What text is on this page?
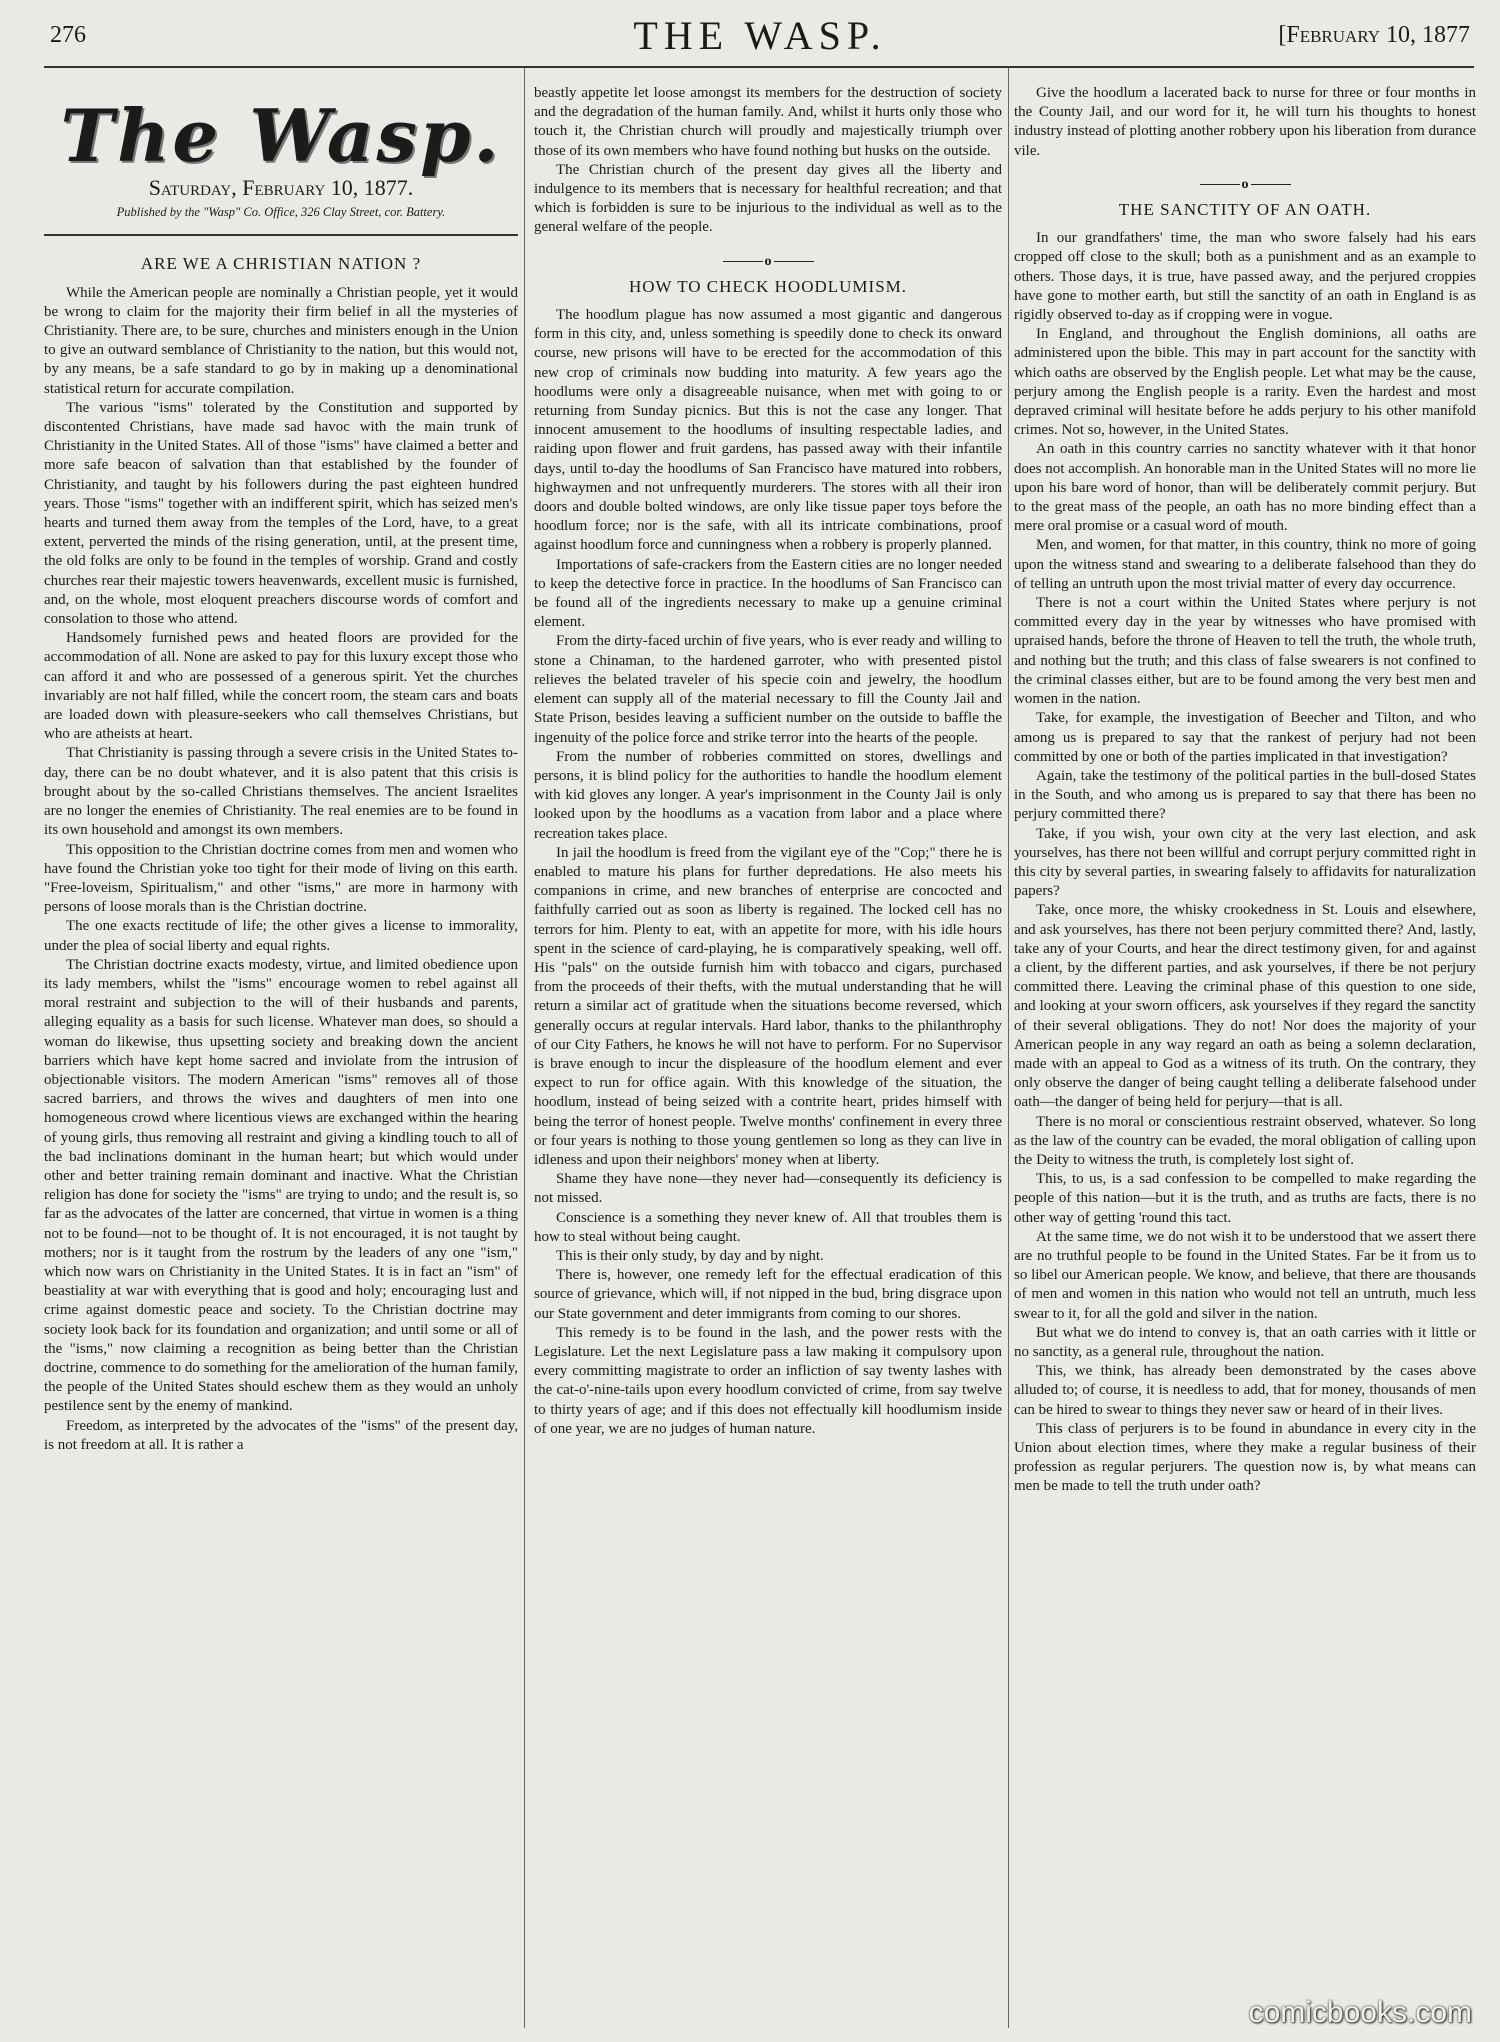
276	THE WASP.	[February 10, 1877
The Wasp.
Saturday, February 10, 1877.
Published by the "Wasp" Co. Office, 326 Clay Street, cor. Battery.
ARE WE A CHRISTIAN NATION ?

While the American people are nominally a Christian people, yet it would be wrong to claim for the majority their firm belief in all the mysteries of Christianity. There are, to be sure, churches and ministers enough in the Union to give an outward semblance of Christianity to the nation, but this would not, by any means, be a safe standard to go by in making up a denominational statistical return for accurate compilation.

The various "isms" tolerated by the Constitution and supported by discontented Christians, have made sad havoc with the main trunk of Christianity in the United States. All of those "isms" have claimed a better and more safe beacon of salvation than that established by the founder of Christianity, and taught by his followers during the past eighteen hundred years. Those "isms" together with an indifferent spirit, which has seized men's hearts and turned them away from the temples of the Lord, have, to a great extent, perverted the minds of the rising generation, until, at the present time, the old folks are only to be found in the temples of worship. Grand and costly churches rear their majestic towers heavenwards, excellent music is furnished, and, on the whole, most eloquent preachers discourse words of comfort and consolation to those who attend.

Handsomely furnished pews and heated floors are provided for the accommodation of all. None are asked to pay for this luxury except those who can afford it and who are possessed of a generous spirit. Yet the churches invariably are not half filled, while the concert room, the steam cars and boats are loaded down with pleasure-seekers who call themselves Christians, but who are atheists at heart.

That Christianity is passing through a severe crisis in the United States to-day, there can be no doubt whatever, and it is also patent that this crisis is brought about by the so-called Christians themselves. The ancient Israelites are no longer the enemies of Christianity. The real enemies are to be found in its own household and amongst its own members.

This opposition to the Christian doctrine comes from men and women who have found the Christian yoke too tight for their mode of living on this earth. "Free-loveism, Spiritualism," and other "isms," are more in harmony with persons of loose morals than is the Christian doctrine.

The one exacts rectitude of life; the other gives a license to immorality, under the plea of social liberty and equal rights.

The Christian doctrine exacts modesty, virtue, and limited obedience upon its lady members, whilst the "isms" encourage women to rebel against all moral restraint and subjection to the will of their husbands and parents, alleging equality as a basis for such license. Whatever man does, so should a woman do likewise, thus upsetting society and breaking down the ancient barriers which have kept home sacred and inviolate from the intrusion of objectionable visitors. The modern American "isms" removes all of those sacred barriers, and throws the wives and daughters of men into one homogeneous crowd where licentious views are exchanged within the hearing of young girls, thus removing all restraint and giving a kindling touch to all of the bad inclinations dominant in the human heart; but which would under other and better training remain dominant and inactive. What the Christian religion has done for society the "isms" are trying to undo; and the result is, so far as the advocates of the latter are concerned, that virtue in women is a thing not to be found—not to be thought of. It is not encouraged, it is not taught by mothers; nor is it taught from the rostrum by the leaders of any one "ism," which now wars on Christianity in the United States. It is in fact an "ism" of beastiality at war with everything that is good and holy; encouraging lust and crime against domestic peace and society. To the Christian doctrine may society look back for its foundation and organization; and until some or all of the "isms," now claiming a recognition as being better than the Christian doctrine, commence to do something for the amelioration of the human family, the people of the United States should eschew them as they would an unholy pestilence sent by the enemy of mankind.

Freedom, as interpreted by the advocates of the "isms" of the present day, is not freedom at all. It is rather a

beastly appetite let loose amongst its members for the destruction of society and the degradation of the human family. And, whilst it hurts only those who touch it, the Christian church will proudly and majestically triumph over those of its own members who have found nothing but husks on the outside.

The Christian church of the present day gives all the liberty and indulgence to its members that is necessary for healthful recreation; and that which is forbidden is sure to be injurious to the individual as well as to the general welfare of the people.

o
HOW TO CHECK HOODLUMISM.

The hoodlum plague has now assumed a most gigantic and dangerous form in this city, and, unless something is speedily done to check its onward course, new prisons will have to be erected for the accommodation of this new crop of criminals now budding into maturity. A few years ago the hoodlums were only a disagreeable nuisance, when met with going to or returning from Sunday picnics. But this is not the case any longer. That innocent amusement to the hoodlums of insulting respectable ladies, and raiding upon flower and fruit gardens, has passed away with their infantile days, until to-day the hoodlums of San Francisco have matured into robbers, highwaymen and not unfrequently murderers. The stores with all their iron doors and double bolted windows, are only like tissue paper toys before the hoodlum force; nor is the safe, with all its intricate combinations, proof against hoodlum force and cunningness when a robbery is properly planned.

Importations of safe-crackers from the Eastern cities are no longer needed to keep the detective force in practice. In the hoodlums of San Francisco can be found all of the ingredients necessary to make up a genuine criminal element.

From the dirty-faced urchin of five years, who is ever ready and willing to stone a Chinaman, to the hardened garroter, who with presented pistol relieves the belated traveler of his specie coin and jewelry, the hoodlum element can supply all of the material necessary to fill the County Jail and State Prison, besides leaving a sufficient number on the outside to baffle the ingenuity of the police force and strike terror into the hearts of the people.

From the number of robberies committed on stores, dwellings and persons, it is blind policy for the authorities to handle the hoodlum element with kid gloves any longer. A year's imprisonment in the County Jail is only looked upon by the hoodlums as a vacation from labor and a place where recreation takes place.

In jail the hoodlum is freed from the vigilant eye of the "Cop;" there he is enabled to mature his plans for further depredations. He also meets his companions in crime, and new branches of enterprise are concocted and faithfully carried out as soon as liberty is regained. The locked cell has no terrors for him. Plenty to eat, with an appetite for more, with his idle hours spent in the science of card-playing, he is comparatively speaking, well off. His "pals" on the outside furnish him with tobacco and cigars, purchased from the proceeds of their thefts, with the mutual understanding that he will return a similar act of gratitude when the situations become reversed, which generally occurs at regular intervals. Hard labor, thanks to the philanthrophy of our City Fathers, he knows he will not have to perform. For no Supervisor is brave enough to incur the displeasure of the hoodlum element and ever expect to run for office again. With this knowledge of the situation, the hoodlum, instead of being seized with a contrite heart, prides himself with being the terror of honest people. Twelve months' confinement in every three or four years is nothing to those young gentlemen so long as they can live in idleness and upon their neighbors' money when at liberty.

Shame they have none—they never had—consequently its deficiency is not missed.

Conscience is a something they never knew of. All that troubles them is how to steal without being caught.

This is their only study, by day and by night.

There is, however, one remedy left for the effectual eradication of this source of grievance, which will, if not nipped in the bud, bring disgrace upon our State government and deter immigrants from coming to our shores.

This remedy is to be found in the lash, and the power rests with the Legislature. Let the next Legislature pass a law making it compulsory upon every committing magistrate to order an infliction of say twenty lashes with the cat-o'-nine-tails upon every hoodlum convicted of crime, from say twelve to thirty years of age; and if this does not effectually kill hoodlumism inside of one year, we are no judges of human nature.

Give the hoodlum a lacerated back to nurse for three or four months in the County Jail, and our word for it, he will turn his thoughts to honest industry instead of plotting another robbery upon his liberation from durance vile.

o
THE SANCTITY OF AN OATH.

In our grandfathers' time, the man who swore falsely had his ears cropped off close to the skull; both as a punishment and as an example to others. Those days, it is true, have passed away, and the perjured croppies have gone to mother earth, but still the sanctity of an oath in England is as rigidly observed to-day as if cropping were in vogue.

In England, and throughout the English dominions, all oaths are administered upon the bible. This may in part account for the sanctity with which oaths are observed by the English people. Let what may be the cause, perjury among the English people is a rarity. Even the hardest and most depraved criminal will hesitate before he adds perjury to his other manifold crimes. Not so, however, in the United States.

An oath in this country carries no sanctity whatever with it that honor does not accomplish. An honorable man in the United States will no more lie upon his bare word of honor, than will be deliberately commit perjury. But to the great mass of the people, an oath has no more binding effect than a mere oral promise or a casual word of mouth.

Men, and women, for that matter, in this country, think no more of going upon the witness stand and swearing to a deliberate falsehood than they do of telling an untruth upon the most trivial matter of every day occurrence.

There is not a court within the United States where perjury is not committed every day in the year by witnesses who have promised with upraised hands, before the throne of Heaven to tell the truth, the whole truth, and nothing but the truth; and this class of false swearers is not confined to the criminal classes either, but are to be found among the very best men and women in the nation.

Take, for example, the investigation of Beecher and Tilton, and who among us is prepared to say that the rankest of perjury had not been committed by one or both of the parties implicated in that investigation?

Again, take the testimony of the political parties in the bull-dosed States in the South, and who among us is prepared to say that there has been no perjury committed there?

Take, if you wish, your own city at the very last election, and ask yourselves, has there not been willful and corrupt perjury committed right in this city by several parties, in swearing falsely to affidavits for naturalization papers?

Take, once more, the whisky crookedness in St. Louis and elsewhere, and ask yourselves, has there not been perjury committed there? And, lastly, take any of your Courts, and hear the direct testimony given, for and against a client, by the different parties, and ask yourselves, if there be not perjury committed there. Leaving the criminal phase of this question to one side, and looking at your sworn officers, ask yourselves if they regard the sanctity of their several obligations. They do not! Nor does the majority of your American people in any way regard an oath as being a solemn declaration, made with an appeal to God as a witness of its truth. On the contrary, they only observe the danger of being caught telling a deliberate falsehood under oath—the danger of being held for perjury—that is all.

There is no moral or conscientious restraint observed, whatever. So long as the law of the country can be evaded, the moral obligation of calling upon the Deity to witness the truth, is completely lost sight of.

This, to us, is a sad confession to be compelled to make regarding the people of this nation—but it is the truth, and as truths are facts, there is no other way of getting 'round this tact.

At the same time, we do not wish it to be understood that we assert there are no truthful people to be found in the United States. Far be it from us to so libel our American people. We know, and believe, that there are thousands of men and women in this nation who would not tell an untruth, much less swear to it, for all the gold and silver in the nation.

But what we do intend to convey is, that an oath carries with it little or no sanctity, as a general rule, throughout the nation.

This, we think, has already been demonstrated by the cases above alluded to; of course, it is needless to add, that for money, thousands of men can be hired to swear to things they never saw or heard of in their lives.

This class of perjurers is to be found in abundance in every city in the Union about election times, where they make a regular business of their profession as regular perjurers. The question now is, by what means can men be made to tell the truth under oath?

comicbooks.com
